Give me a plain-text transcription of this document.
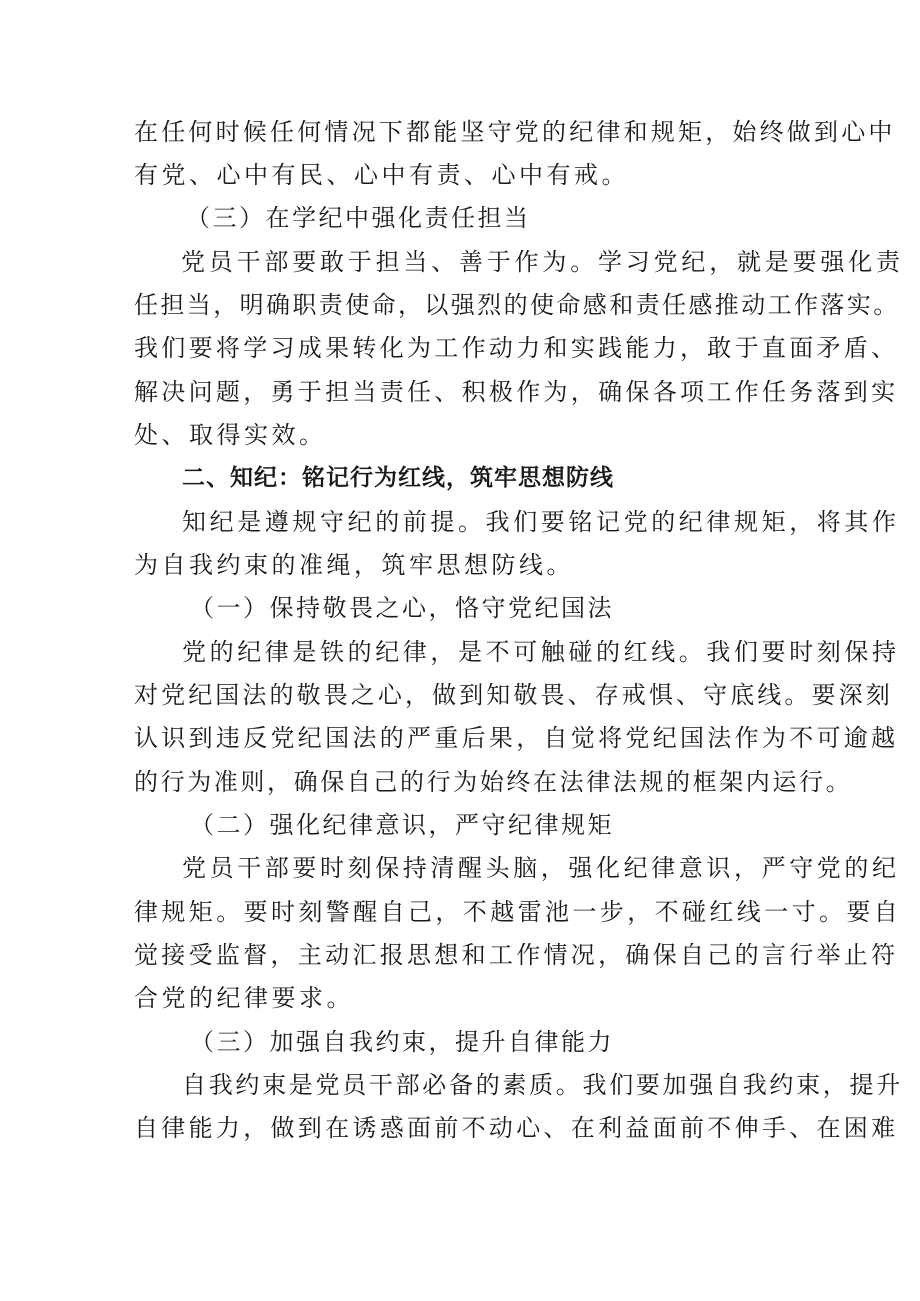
在任何时候任何情况下都能坚守党的纪律和规矩，始终做到心中
有党、心中有民、心中有责、心中有戒。
（三）在学纪中强化责任担当
党员干部要敢于担当、善于作为。学习党纪，就是要强化责
任担当，明确职责使命，以强烈的使命感和责任感推动工作落实。
我们要将学习成果转化为工作动力和实践能力，敢于直面矛盾、
解决问题，勇于担当责任、积极作为，确保各项工作任务落到实
处、取得实效。
二、知纪：铭记行为红线，筑牢思想防线
知纪是遵规守纪的前提。我们要铭记党的纪律规矩，将其作
为自我约束的准绳，筑牢思想防线。
（一）保持敬畏之心，恪守党纪国法
党的纪律是铁的纪律，是不可触碰的红线。我们要时刻保持
对党纪国法的敬畏之心，做到知敬畏、存戒惧、守底线。要深刻
认识到违反党纪国法的严重后果，自觉将党纪国法作为不可逾越
的行为准则，确保自己的行为始终在法律法规的框架内运行。
（二）强化纪律意识，严守纪律规矩
党员干部要时刻保持清醒头脑，强化纪律意识，严守党的纪
律规矩。要时刻警醒自己，不越雷池一步，不碰红线一寸。要自
觉接受监督，主动汇报思想和工作情况，确保自己的言行举止符
合党的纪律要求。
（三）加强自我约束，提升自律能力
自我约束是党员干部必备的素质。我们要加强自我约束，提升
自律能力，做到在诱惑面前不动心、在利益面前不伸手、在困难
